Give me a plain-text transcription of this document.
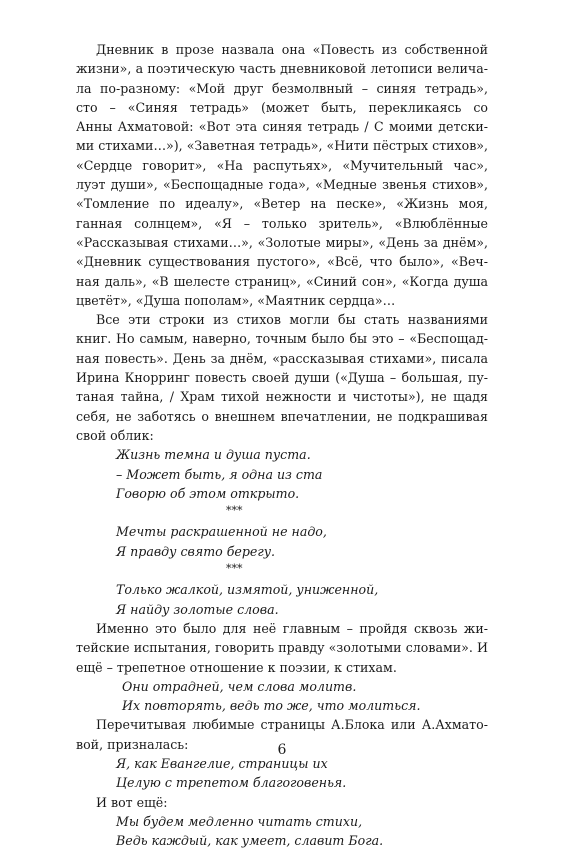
Дневник в прозе назвала она «Повесть из собственной
жизни», а поэтическую часть дневниковой летописи велича-
ла по-разному: «Мой друг безмолвный – синяя тетрадь»,
сто – «Синяя тетрадь» (может быть, перекликаясь со
Анны Ахматовой: «Вот эта синяя тетрадь / С моими детски-
ми стихами…»), «Заветная тетрадь», «Нити пёстрых стихов»,
«Сердце говорит», «На распутьях», «Мучительный час»,
луэт души», «Беспощадные года», «Медные звенья стихов»,
«Томление по идеалу», «Ветер на песке», «Жизнь моя,
ганная солнцем», «Я – только зритель», «Влюблённые
«Рассказывая стихами…», «Золотые миры», «День за днём»,
«Дневник существования пустого», «Всё, что было», «Веч-
ная даль», «В шелесте страниц», «Синий сон», «Когда душа
цветёт», «Душа пополам», «Маятник сердца»…
Все эти строки из стихов могли бы стать названиями
книг. Но самым, наверно, точным было бы это – «Беспощад-
ная повесть». День за днём, «рассказывая стихами», писала
Ирина Кнорринг повесть своей души («Душа – большая, пу-
таная тайна, / Храм тихой нежности и чистоты»), не щадя
себя, не заботясь о внешнем впечатлении, не подкрашивая
свой облик:
Жизнь темна и душа пуста.
– Может быть, я одна из ста
Говорю об этом открыто.
***
Мечты раскрашенной не надо,
Я правду свято берегу.
***
Только жалкой, измятой, униженной,
Я найду золотые слова.
Именно это было для неё главным – пройдя сквозь жи-
тейские испытания, говорить правду «золотыми словами». И
ещё – трепетное отношение к поэзии, к стихам.
Они отрадней, чем слова молитв.
Их повторять, ведь то же, что молиться.
Перечитывая любимые страницы А.Блока или А.Ахмато-
вой, призналась:
Я, как Евангелие, страницы их
Целую с трепетом благоговенья.
И вот ещё:
Мы будем медленно читать стихи,
Ведь каждый, как умеет, славит Бога.
6
